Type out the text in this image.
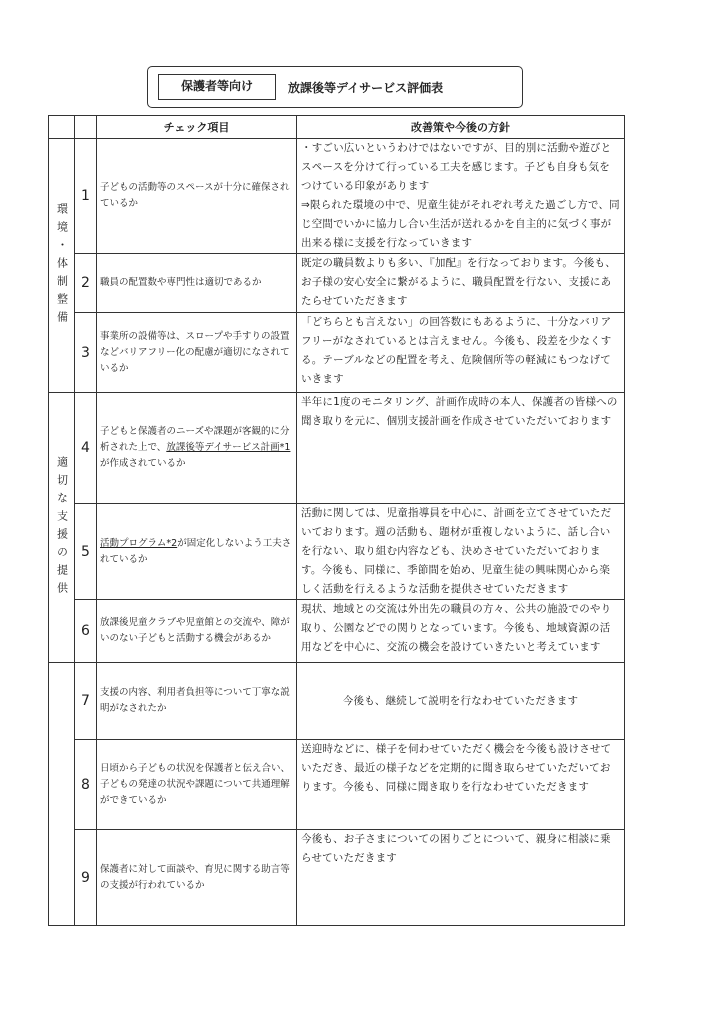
保護者等向け	放課後等デイサービス評価表
		チェック項目	改善策や今後の方針
環境・体制整備	1	子どもの活動等のスペースが十分に確保されているか	・すごい広いというわけではないですが、目的別に活動や遊びとスペースを分けて行っている工夫を感じます。子ども自身も気をつけている印象があります
⇒限られた環境の中で、児童生徒がそれぞれ考えた過ごし方で、同じ空間でいかに協力し合い生活が送れるかを自主的に気づく事が出来る様に支援を行なっていきます
	2	職員の配置数や専門性は適切であるか	既定の職員数よりも多い、『加配』を行なっております。今後も、お子様の安心安全に繋がるように、職員配置を行ない、支援にあたらせていただきます
	3	事業所の設備等は、スロープや手すりの設置などバリアフリー化の配慮が適切になされているか	「どちらとも言えない」の回答数にもあるように、十分なバリアフリーがなされているとは言えません。今後も、段差を少なくする。テーブルなどの配置を考え、危険個所等の軽減にもつなげていきます
適切な支援の提供	4	子どもと保護者のニーズや課題が客観的に分析された上で、放課後等デイサービス計画*1が作成されているか	半年に1度のモニタリング、計画作成時の本人、保護者の皆様への聞き取りを元に、個別支援計画を作成させていただいております
	5	活動プログラム*2が固定化しないよう工夫されているか	活動に関しては、児童指導員を中心に、計画を立てさせていただいております。週の活動も、題材が重複しないように、話し合いを行ない、取り組む内容なども、決めさせていただいております。今後も、同様に、季節間を始め、児童生徒の興味関心から楽しく活動を行えるような活動を提供させていただきます
	6	放課後児童クラブや児童館との交流や、障がいのない子どもと活動する機会があるか	現状、地域との交流は外出先の職員の方々、公共の施設でのやり取り、公園などでの関りとなっています。今後も、地域資源の活用などを中心に、交流の機会を設けていきたいと考えています
	7	支援の内容、利用者負担等について丁寧な説明がなされたか	今後も、継続して説明を行なわせていただきます
	8	日頃から子どもの状況を保護者と伝え合い、子どもの発達の状況や課題について共通理解ができているか	送迎時などに、様子を伺わせていただく機会を今後も設けさせていただき、最近の様子などを定期的に聞き取らせていただいております。今後も、同様に聞き取りを行なわせていただきます
	9	保護者に対して面談や、育児に関する助言等の支援が行われているか	今後も、お子さまについての困りごとについて、親身に相談に乗らせていただきます
